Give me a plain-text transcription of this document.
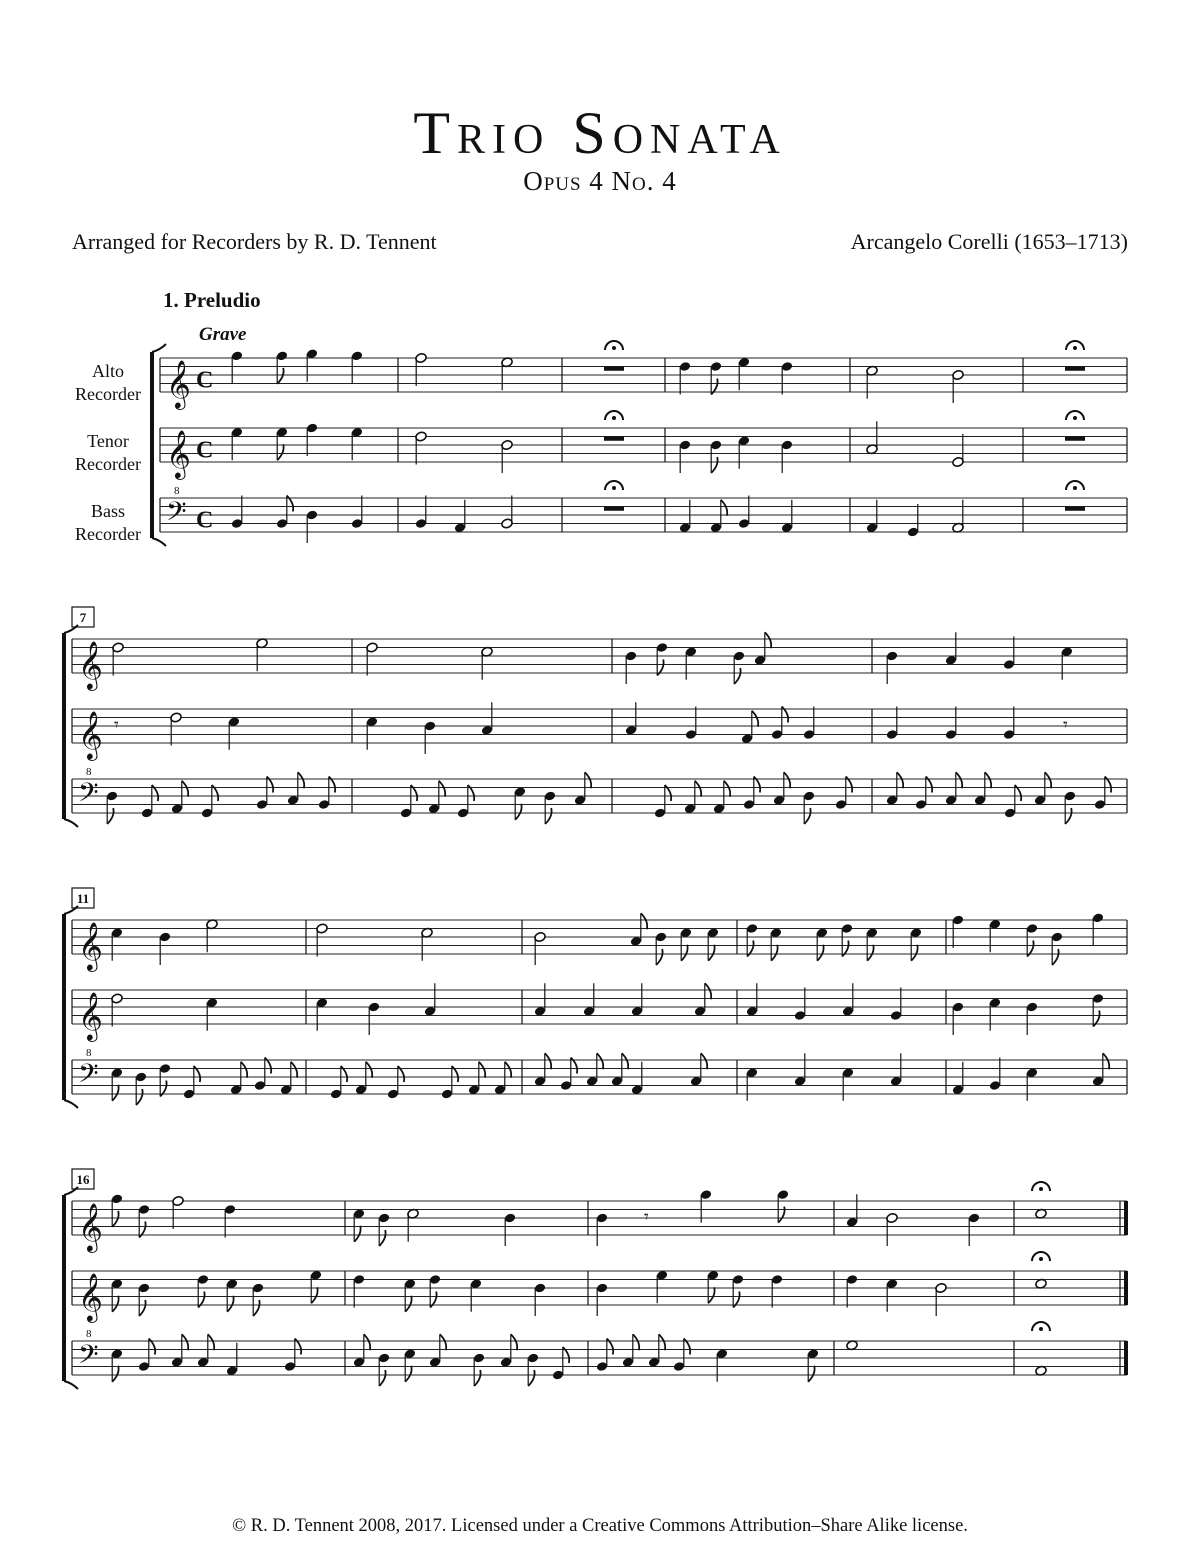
Trio Sonata
Opus 4 No. 4
Arranged for Recorders by R. D. Tennent	Arcangelo Corelli (1653–1713)
1. Preludio
Grave
Alto
Recorder
Tenor
Recorder
Bass
Recorder
𝄞 C
𝄞 C
𝄢
8
C
𝄞
𝄞
𝄢
8
7
𝄾	𝄾
𝄞
𝄞
𝄢
8
11
𝄞
𝄞
𝄢
8
16
𝄾
© R. D. Tennent 2008, 2017. Licensed under a Creative Commons Attribution–Share Alike license.
